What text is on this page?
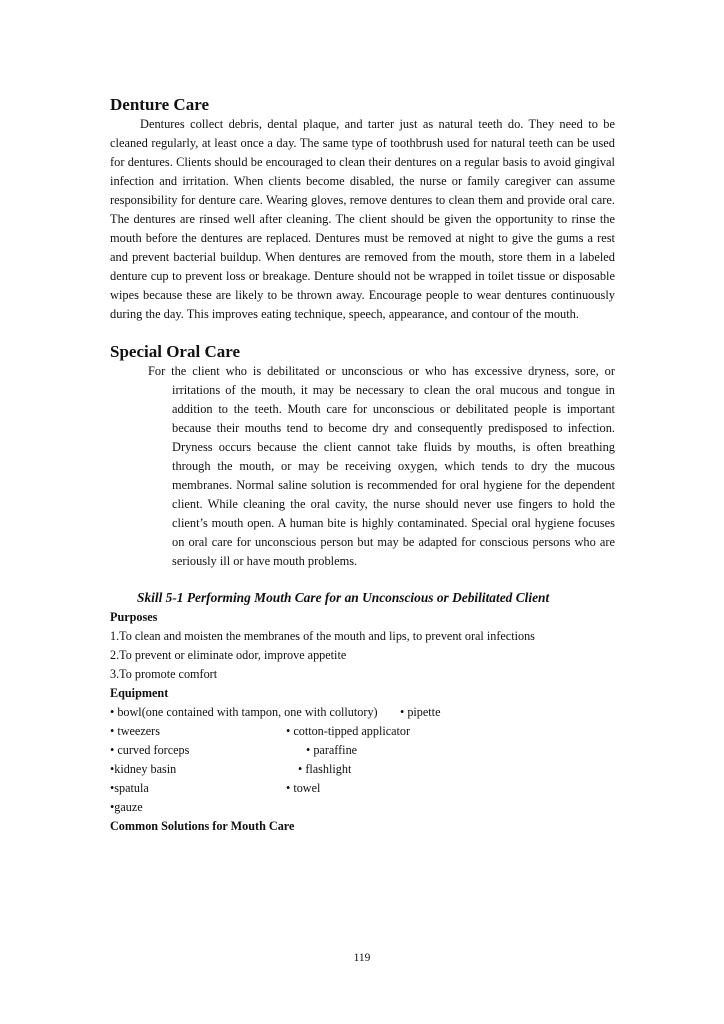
Denture Care

Dentures collect debris, dental plaque, and tarter just as natural teeth do. They need to be cleaned regularly, at least once a day. The same type of toothbrush used for natural teeth can be used for dentures. Clients should be encouraged to clean their dentures on a regular basis to avoid gingival infection and irritation. When clients become disabled, the nurse or family caregiver can assume responsibility for denture care. Wearing gloves, remove dentures to clean them and provide oral care. The dentures are rinsed well after cleaning. The client should be given the opportunity to rinse the mouth before the dentures are replaced. Dentures must be removed at night to give the gums a rest and prevent bacterial buildup. When dentures are removed from the mouth, store them in a labeled denture cup to prevent loss or breakage. Denture should not be wrapped in toilet tissue or disposable wipes because these are likely to be thrown away. Encourage people to wear dentures continuously during the day. This improves eating technique, speech, appearance, and contour of the mouth.

Special Oral Care

For the client who is debilitated or unconscious or who has excessive dryness, sore, or irritations of the mouth, it may be necessary to clean the oral mucous and tongue in addition to the teeth. Mouth care for unconscious or debilitated people is important because their mouths tend to become dry and consequently predisposed to infection. Dryness occurs because the client cannot take fluids by mouths, is often breathing through the mouth, or may be receiving oxygen, which tends to dry the mucous membranes. Normal saline solution is recommended for oral hygiene for the dependent client. While cleaning the oral cavity, the nurse should never use fingers to hold the client’s mouth open. A human bite is highly contaminated. Special oral hygiene focuses on oral care for unconscious person but may be adapted for conscious persons who are seriously ill or have mouth problems.

Skill 5-1 Performing Mouth Care for an Unconscious or Debilitated Client

Purposes

1.To clean and moisten the membranes of the mouth and lips, to prevent oral infections

2.To prevent or eliminate odor, improve appetite

3.To promote comfort

Equipment

• bowl(one contained with tampon, one with collutory) • pipette
• tweezers	• cotton-tipped applicator
• curved forceps	• paraffine
•kidney basin	• flashlight
•spatula	• towel
•gauze

Common Solutions for Mouth Care

119
